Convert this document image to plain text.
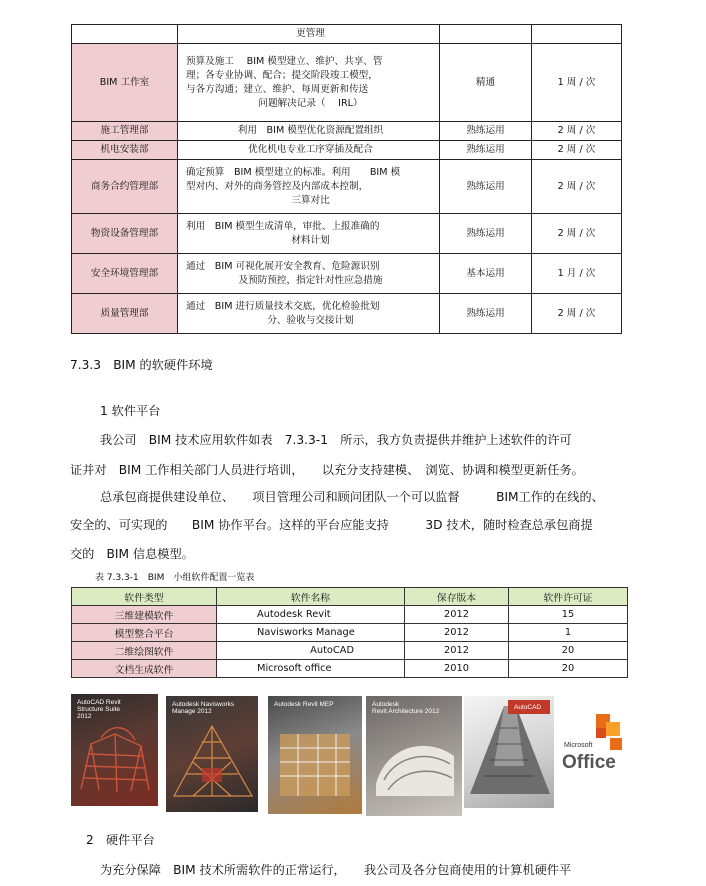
	更管理		

BIM 工作室	预算及施工　 BIM 模型建立、维护、共享、管
理；各专业协调、配合；提交阶段竣工模型，
与各方沟通；建立、维护、每周更新和传送
问题解决记录（　 IRL）	精通	1 周 / 次
施工管理部	利用　BIM 模型优化资源配置组织	熟练运用	2 周 / 次
机电安装部	优化机电专业工序穿插及配合	熟练运用	2 周 / 次
商务合约管理部	确定预算　BIM 模型建立的标准。利用　　BIM 模
型对内、对外的商务管控及内部成本控制，
三算对比	熟练运用	2 周 / 次
物资设备管理部	利用　BIM 模型生成清单，审批、上报准确的
材料计划	熟练运用	2 周 / 次
安全环境管理部	通过　BIM 可视化展开安全教育、危险源识别
及预防预控，指定针对性应急措施	基本运用	1 月 / 次
质量管理部	通过　BIM 进行质量技术交底，优化检验批划
分、验收与交接计划	熟练运用	2 周 / 次
7.3.3　BIM 的软硬件环境
1 软件平台
我公司　BIM 技术应用软件如表　7.3.3-1　所示，我方负责提供并维护上述软件的许可
证并对　BIM 工作相关部门人员进行培训，　　以充分支持建模、　浏览、协调和模型更新任务。
总承包商提供建设单位、　　项目管理公司和顾问团队一个可以监督　　　BIM工作的在线的、
安全的、可实现的　　BIM 协作平台。这样的平台应能支持　　　3D 技术，随时检查总承包商提
交的　BIM 信息模型。
表 7.3.3-1　BIM　小组软件配置一览表
软件类型	软件名称	保存版本	软件许可证
三维建模软件	Autodesk Revit	2012	15
模型整合平台	Navisworks Manage	2012	1
二维绘图软件	AutoCAD	2012	20
文档生成软件	Microsoft office	2010	20
AutoCAD Revit
Structure Suite
2012
Autodesk Navisworks
Manage 2012
Autodesk Revit MEP	Autodesk
Revit Architecture 2012
AutoCAD
Microsoft
Office
2　硬件平台
为充分保障　BIM 技术所需软件的正常运行，　　我公司及各分包商使用的计算机硬件平
